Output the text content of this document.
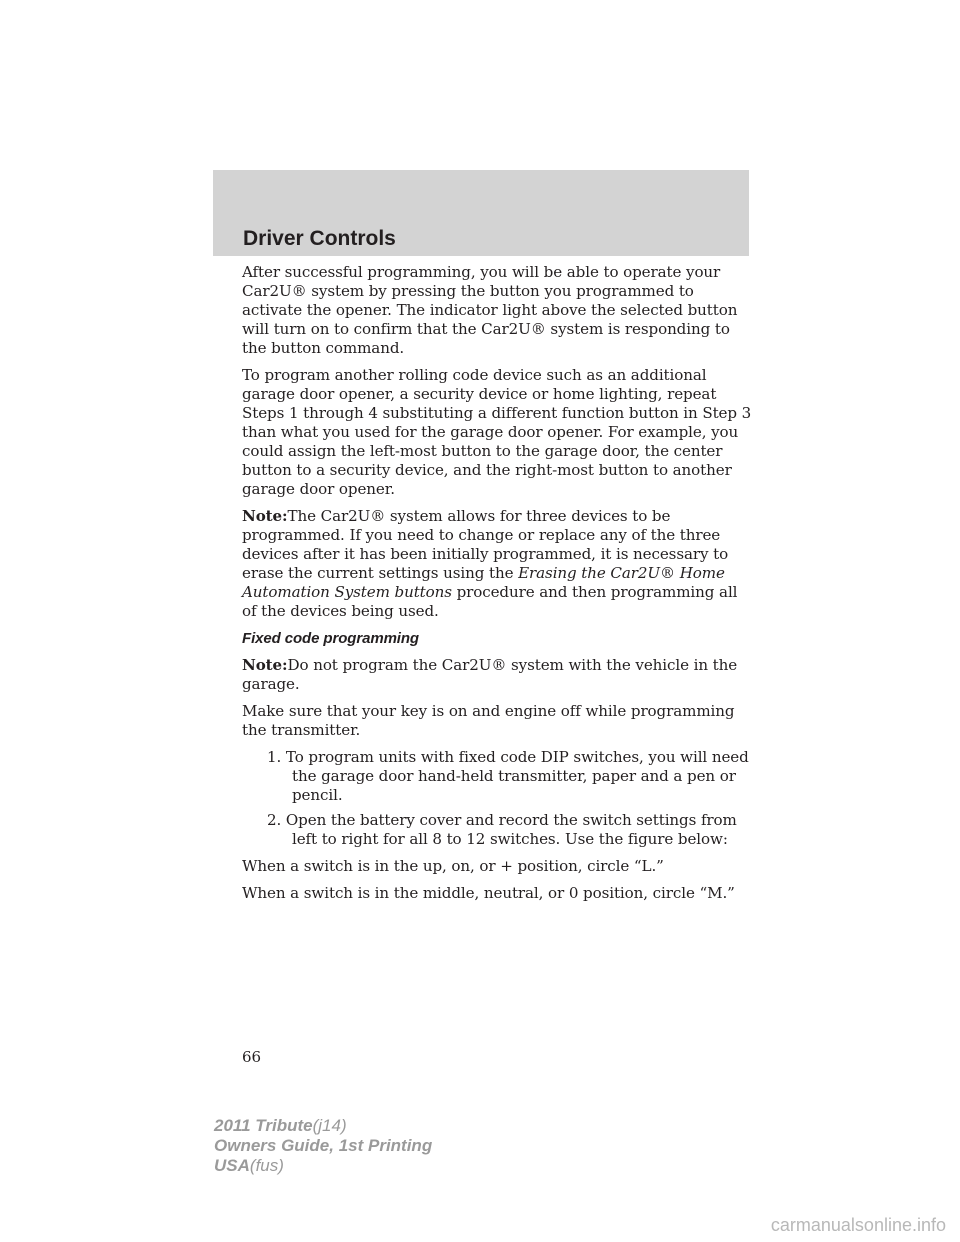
Driver Controls

After successful programming, you will be able to operate your Car2U® system by pressing the button you programmed to activate the opener. The indicator light above the selected button will turn on to confirm that the Car2U® system is responding to the button command.

To program another rolling code device such as an additional garage door opener, a security device or home lighting, repeat Steps 1 through 4 substituting a different function button in Step 3 than what you used for the garage door opener. For example, you could assign the left-most button to the garage door, the center button to a security device, and the right-most button to another garage door opener.

Note:The Car2U® system allows for three devices to be programmed. If you need to change or replace any of the three devices after it has been initially programmed, it is necessary to erase the current settings using the Erasing the Car2U® Home Automation System buttons procedure and then programming all of the devices being used.

Fixed code programming

Note:Do not program the Car2U® system with the vehicle in the garage.

Make sure that your key is on and engine off while programming the transmitter.

1. To program units with fixed code DIP switches, you will need the garage door hand-held transmitter, paper and a pen or pencil.
2. Open the battery cover and record the switch settings from left to right for all 8 to 12 switches. Use the figure below:

When a switch is in the up, on, or + position, circle “L.”

When a switch is in the middle, neutral, or 0 position, circle “M.”

66
2011 Tribute(j14)
Owners Guide, 1st Printing
USA(fus)
carmanualsonline.info
